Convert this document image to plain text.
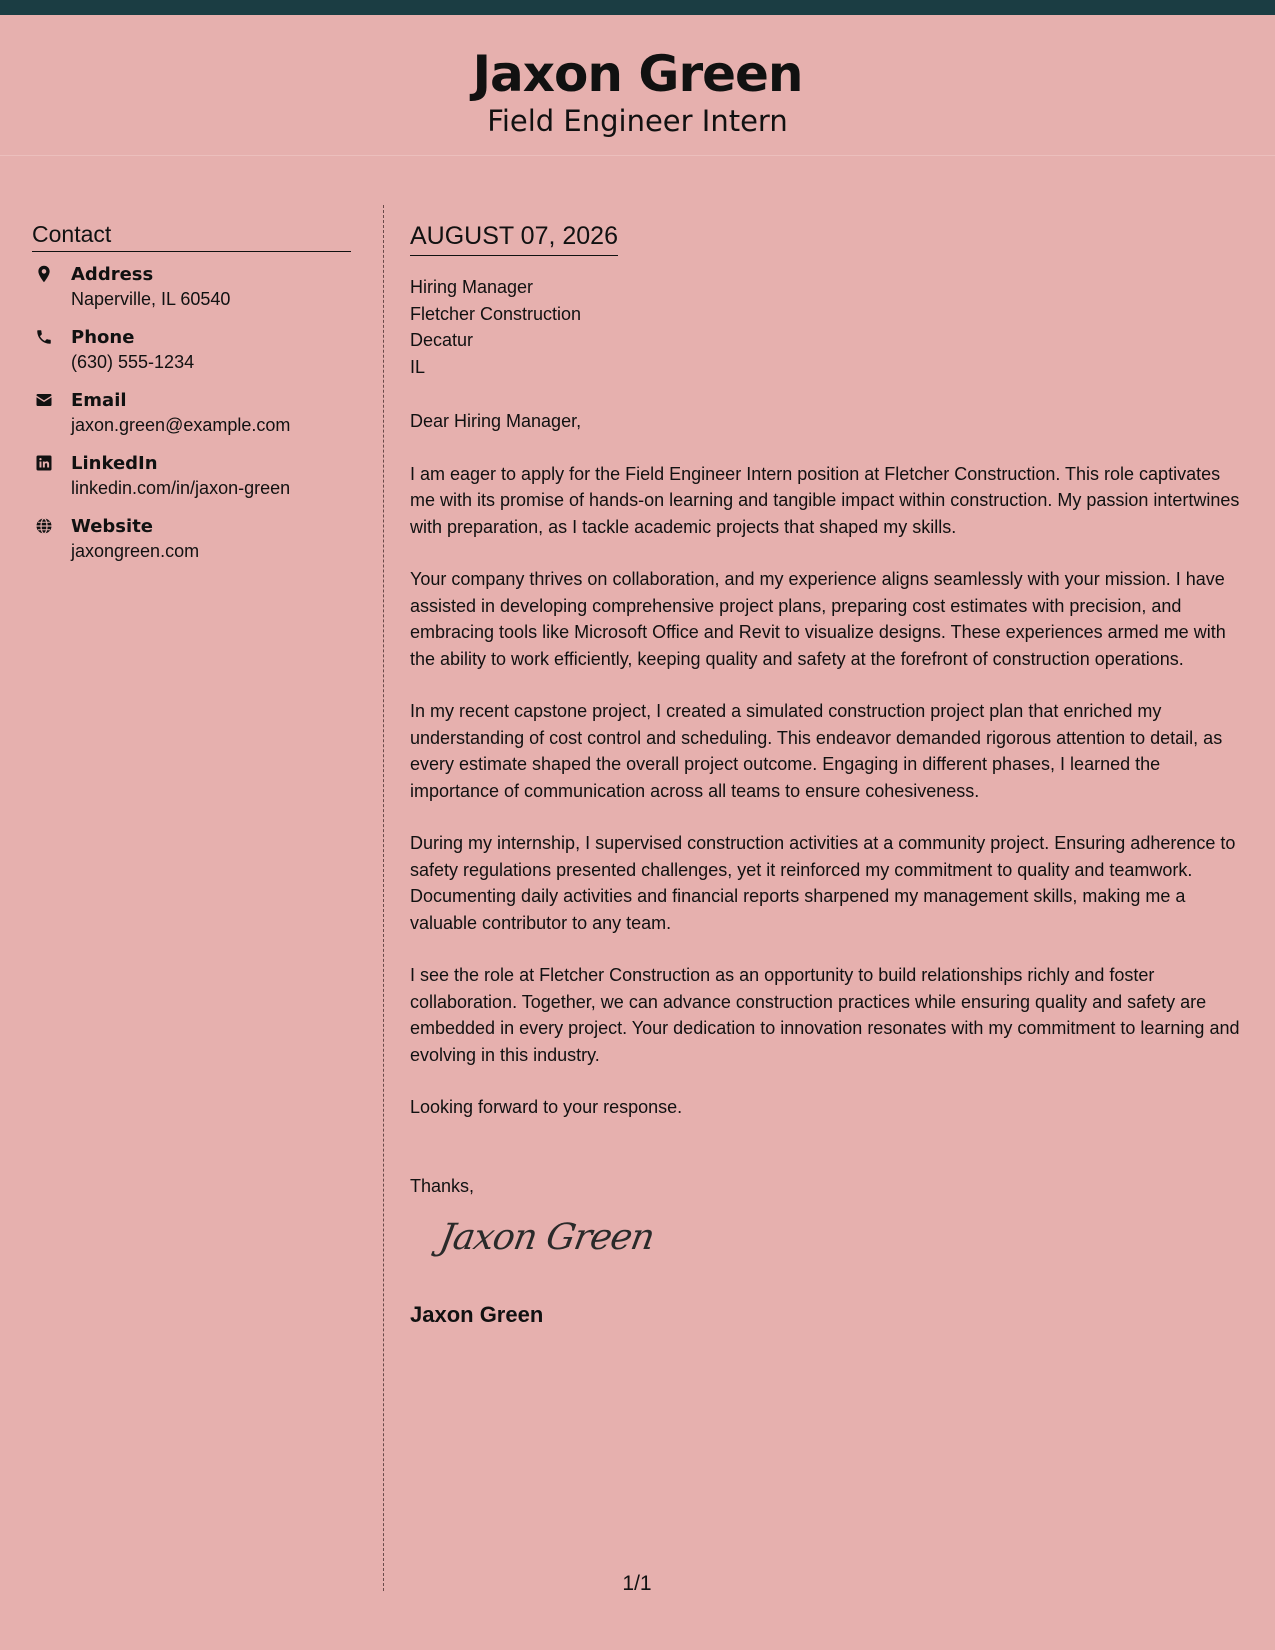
Jaxon Green
Field Engineer Intern
Contact
Address
Naperville, IL 60540
Phone
(630) 555-1234
Email
jaxon.green@example.com
LinkedIn
linkedin.com/in/jaxon-green
Website
jaxongreen.com
AUGUST 07, 2026
Hiring Manager
Fletcher Construction
Decatur
IL
Dear Hiring Manager,
I am eager to apply for the Field Engineer Intern position at Fletcher Construction. This role captivates me with its promise of hands-on learning and tangible impact within construction. My passion intertwines with preparation, as I tackle academic projects that shaped my skills.
Your company thrives on collaboration, and my experience aligns seamlessly with your mission. I have assisted in developing comprehensive project plans, preparing cost estimates with precision, and embracing tools like Microsoft Office and Revit to visualize designs. These experiences armed me with the ability to work efficiently, keeping quality and safety at the forefront of construction operations.
In my recent capstone project, I created a simulated construction project plan that enriched my understanding of cost control and scheduling. This endeavor demanded rigorous attention to detail, as every estimate shaped the overall project outcome. Engaging in different phases, I learned the importance of communication across all teams to ensure cohesiveness.
During my internship, I supervised construction activities at a community project. Ensuring adherence to safety regulations presented challenges, yet it reinforced my commitment to quality and teamwork. Documenting daily activities and financial reports sharpened my management skills, making me a valuable contributor to any team.
I see the role at Fletcher Construction as an opportunity to build relationships richly and foster collaboration. Together, we can advance construction practices while ensuring quality and safety are embedded in every project. Your dedication to innovation resonates with my commitment to learning and evolving in this industry.
Looking forward to your response.
Thanks,
Jaxon Green
Jaxon Green
1/1
